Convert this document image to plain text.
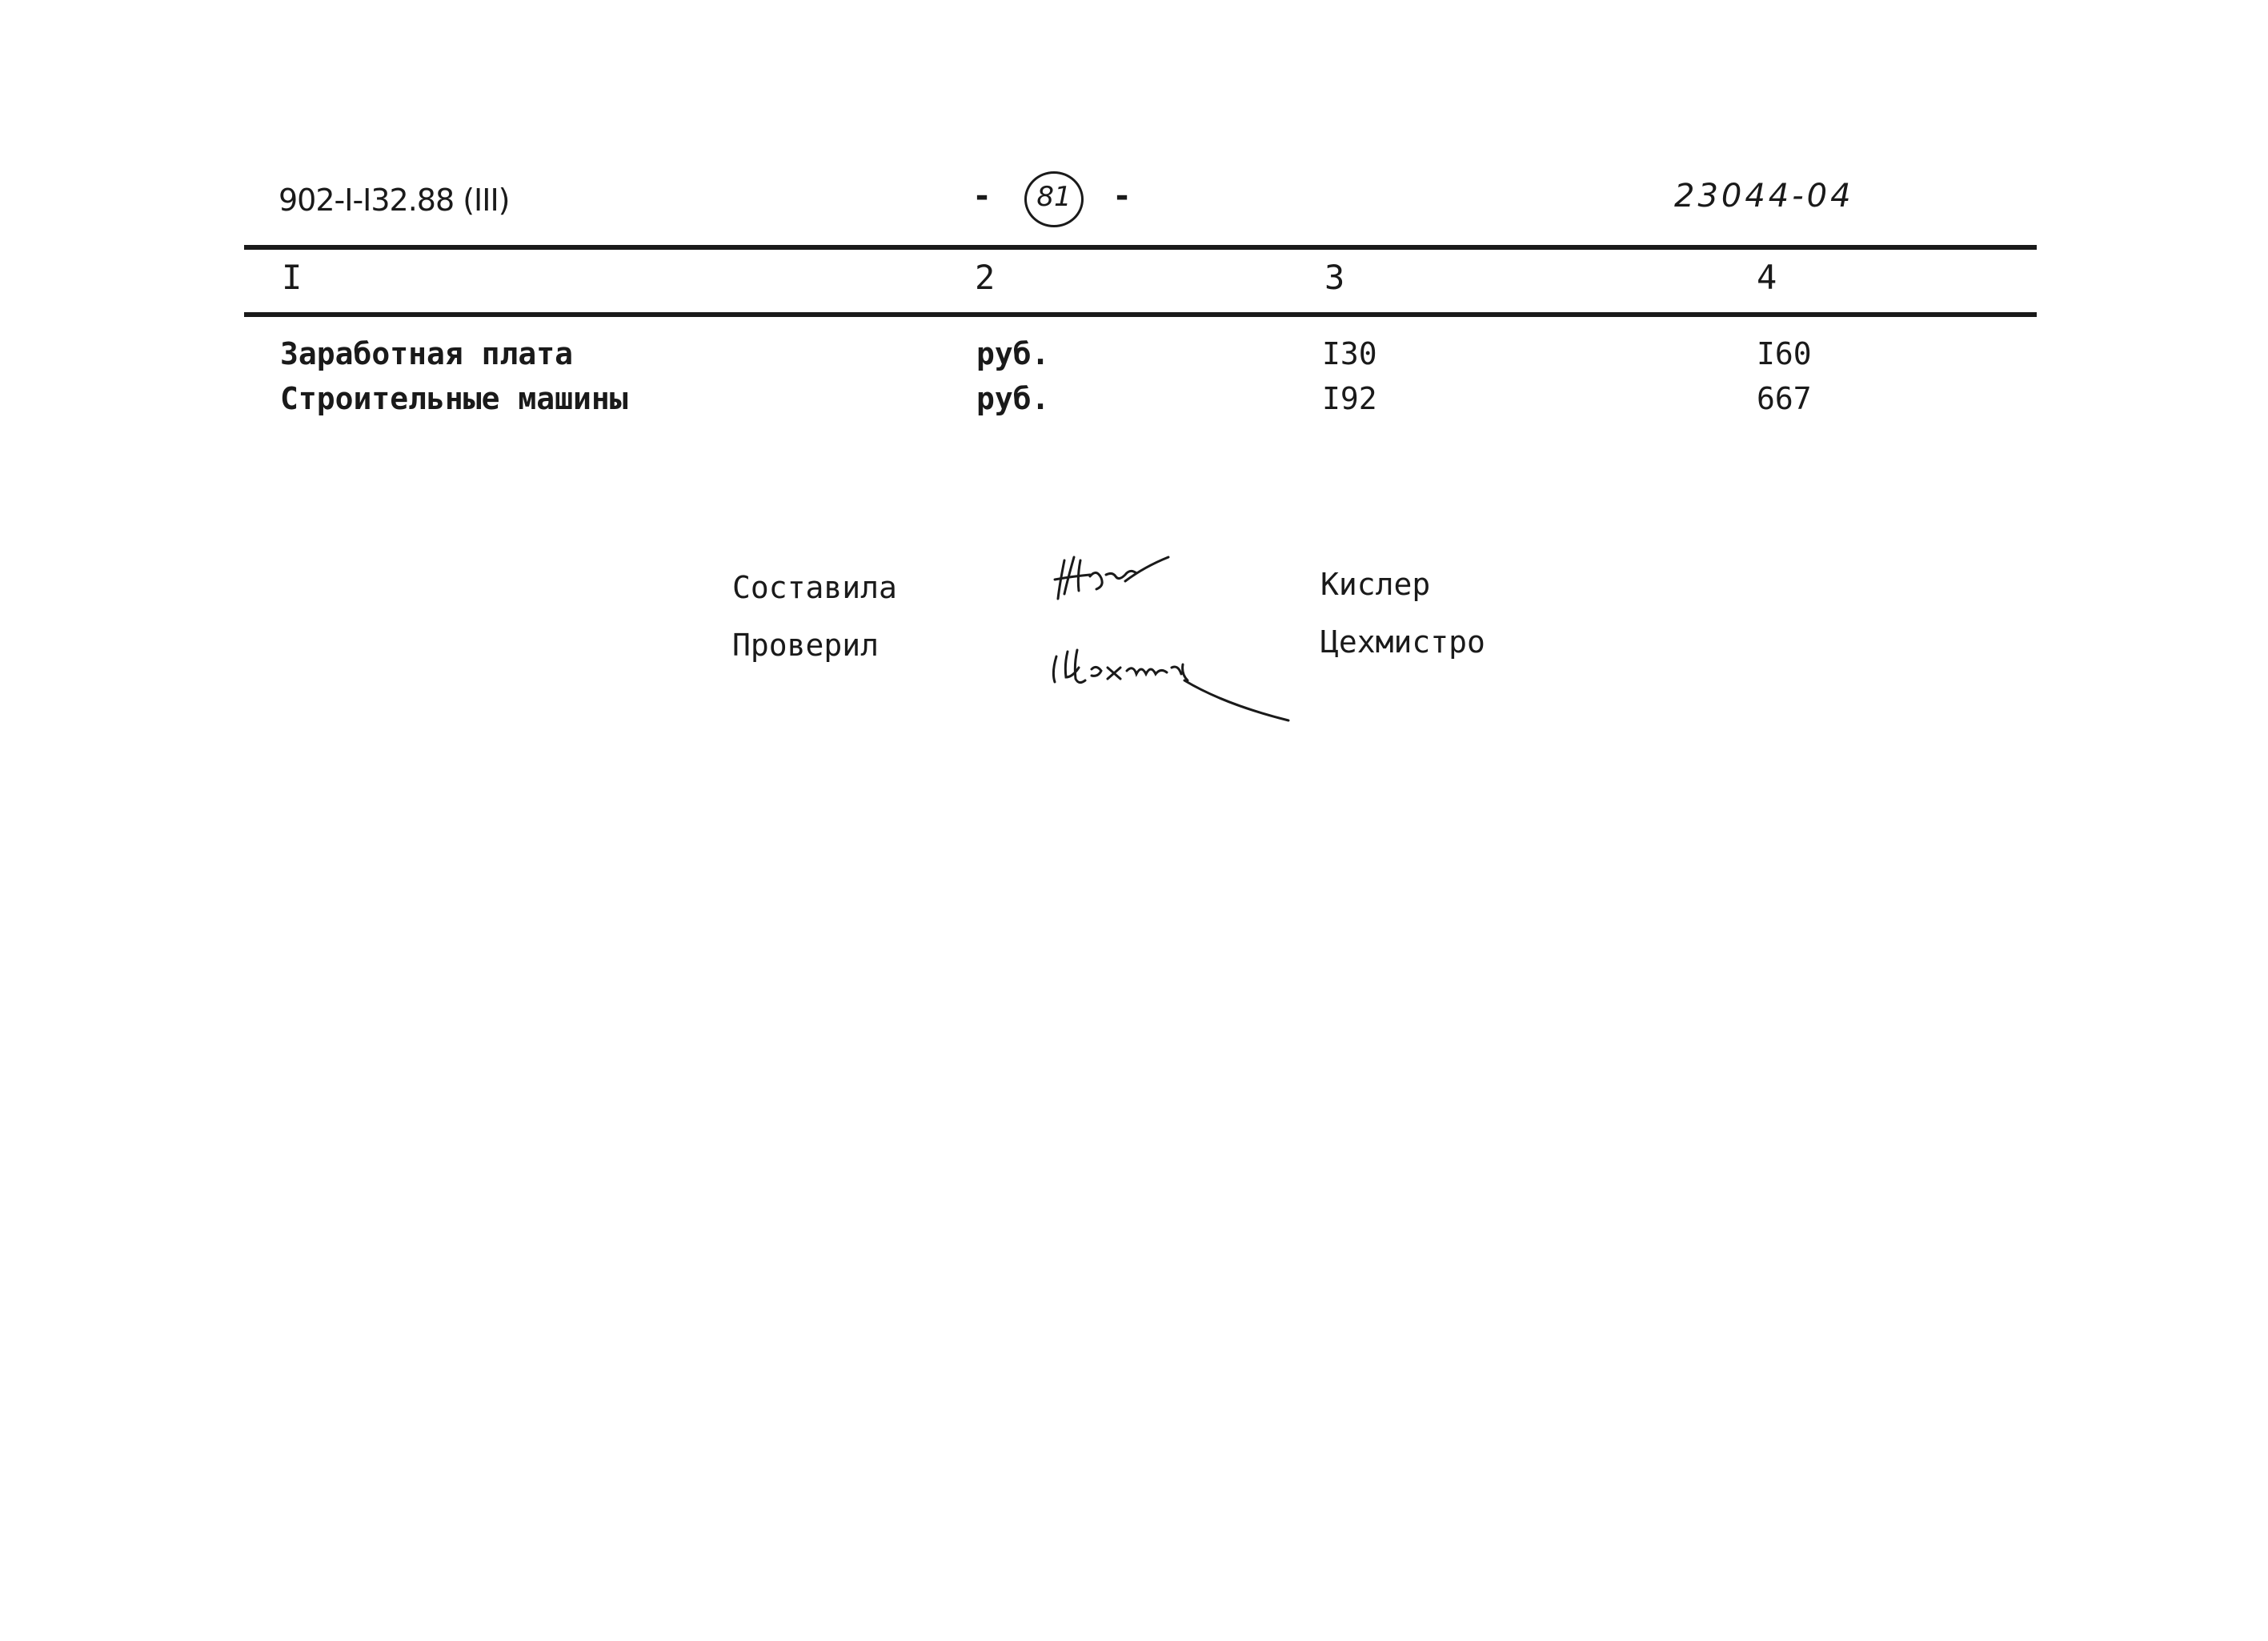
902-I-I32.88 (III)	-	81	-	23044-04
I	2	3	4
Заработная плата	руб.	I30	I60
Строительные машины	руб.	I92	667
Составила	Кислер
Проверил	Цехмистро
